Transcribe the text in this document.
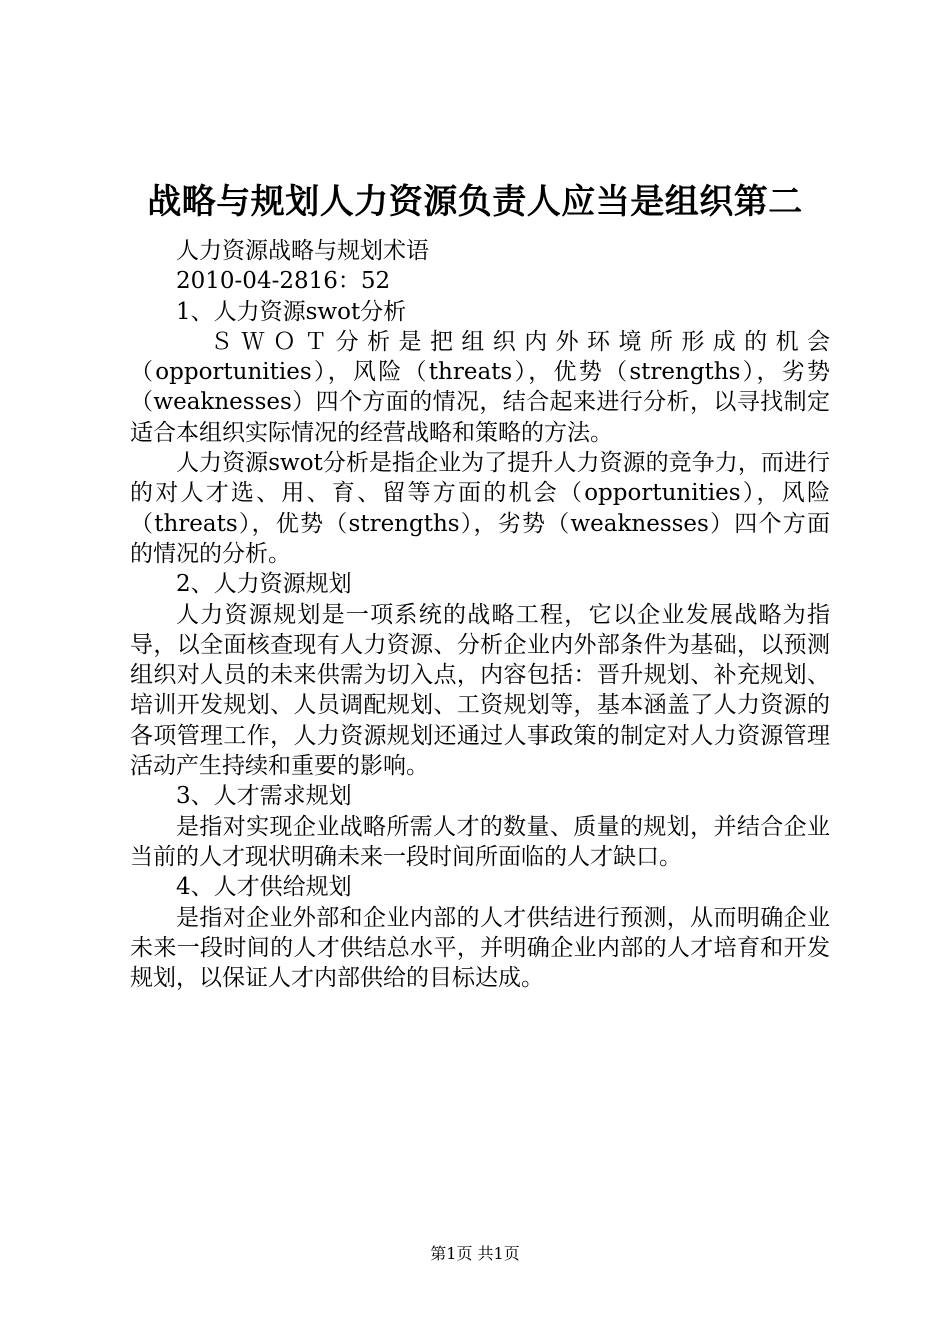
战略与规划人力资源负责人应当是组织第二

人力资源战略与规划术语

2010-04-2816：52

1、人力资源swot分析

ＳＷＯＴ分析是把组织内外环境所形成的机会（opportunities），风险（threats），优势（strengths），劣势（weaknesses）四个方面的情况，结合起来进行分析，以寻找制定适合本组织实际情况的经营战略和策略的方法。

人力资源swot分析是指企业为了提升人力资源的竞争力，而进行的对人才选、用、育、留等方面的机会（opportunities），风险（threats），优势（strengths），劣势（weaknesses）四个方面的情况的分析。

2、人力资源规划

人力资源规划是一项系统的战略工程，它以企业发展战略为指导，以全面核查现有人力资源、分析企业内外部条件为基础，以预测组织对人员的未来供需为切入点，内容包括：晋升规划、补充规划、培训开发规划、人员调配规划、工资规划等，基本涵盖了人力资源的各项管理工作，人力资源规划还通过人事政策的制定对人力资源管理活动产生持续和重要的影响。

3、人才需求规划

是指对实现企业战略所需人才的数量、质量的规划，并结合企业当前的人才现状明确未来一段时间所面临的人才缺口。

4、人才供给规划

是指对企业外部和企业内部的人才供结进行预测，从而明确企业未来一段时间的人才供结总水平，并明确企业内部的人才培育和开发规划，以保证人才内部供给的目标达成。

第1页 共1页
